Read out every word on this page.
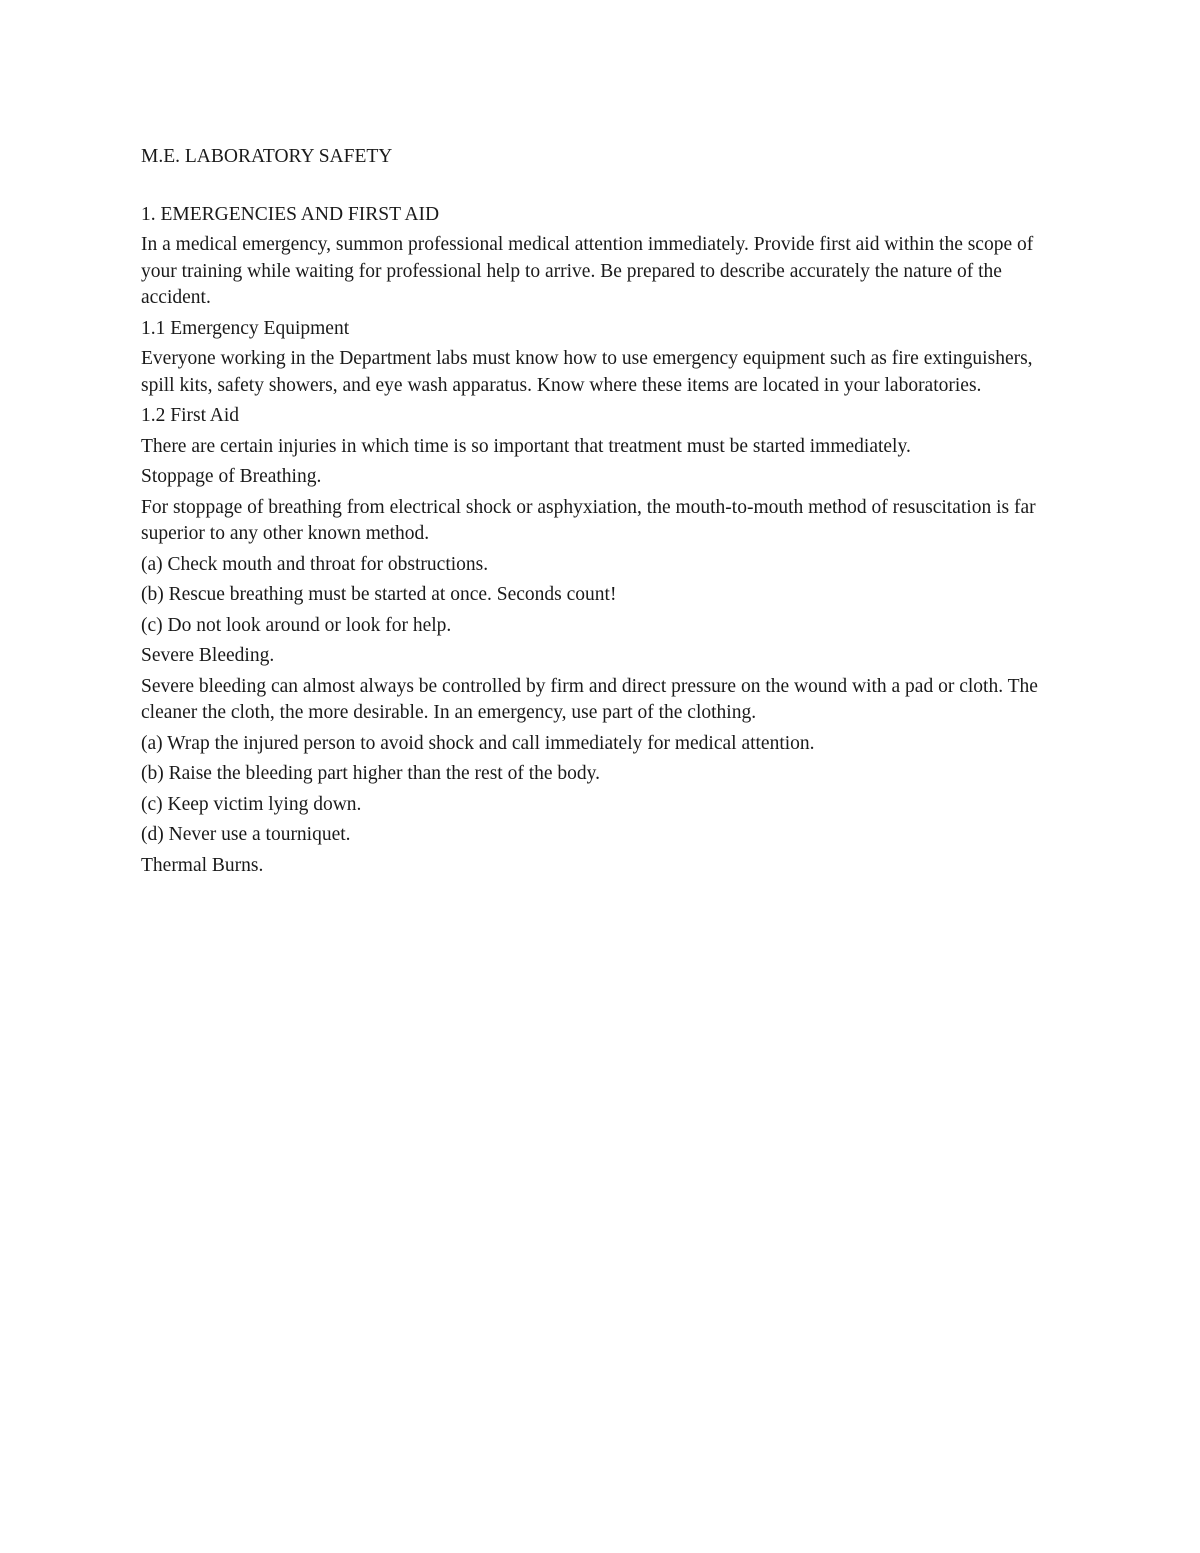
M.E. LABORATORY SAFETY

1. EMERGENCIES AND FIRST AID

In a medical emergency, summon professional medical attention immediately. Provide first aid within the scope of your training while waiting for professional help to arrive. Be prepared to describe accurately the nature of the accident.

1.1 Emergency Equipment

Everyone working in the Department labs must know how to use emergency equipment such as fire extinguishers, spill kits, safety showers, and eye wash apparatus. Know where these items are located in your laboratories.

1.2 First Aid

There are certain injuries in which time is so important that treatment must be started immediately.

Stoppage of Breathing.

For stoppage of breathing from electrical shock or asphyxiation, the mouth-to-mouth method of resuscitation is far superior to any other known method.

(a) Check mouth and throat for obstructions.

(b) Rescue breathing must be started at once. Seconds count!

(c) Do not look around or look for help.

Severe Bleeding.

Severe bleeding can almost always be controlled by firm and direct pressure on the wound with a pad or cloth. The cleaner the cloth, the more desirable. In an emergency, use part of the clothing.

(a) Wrap the injured person to avoid shock and call immediately for medical attention.

(b) Raise the bleeding part higher than the rest of the body.

(c) Keep victim lying down.

(d) Never use a tourniquet.

Thermal Burns.
